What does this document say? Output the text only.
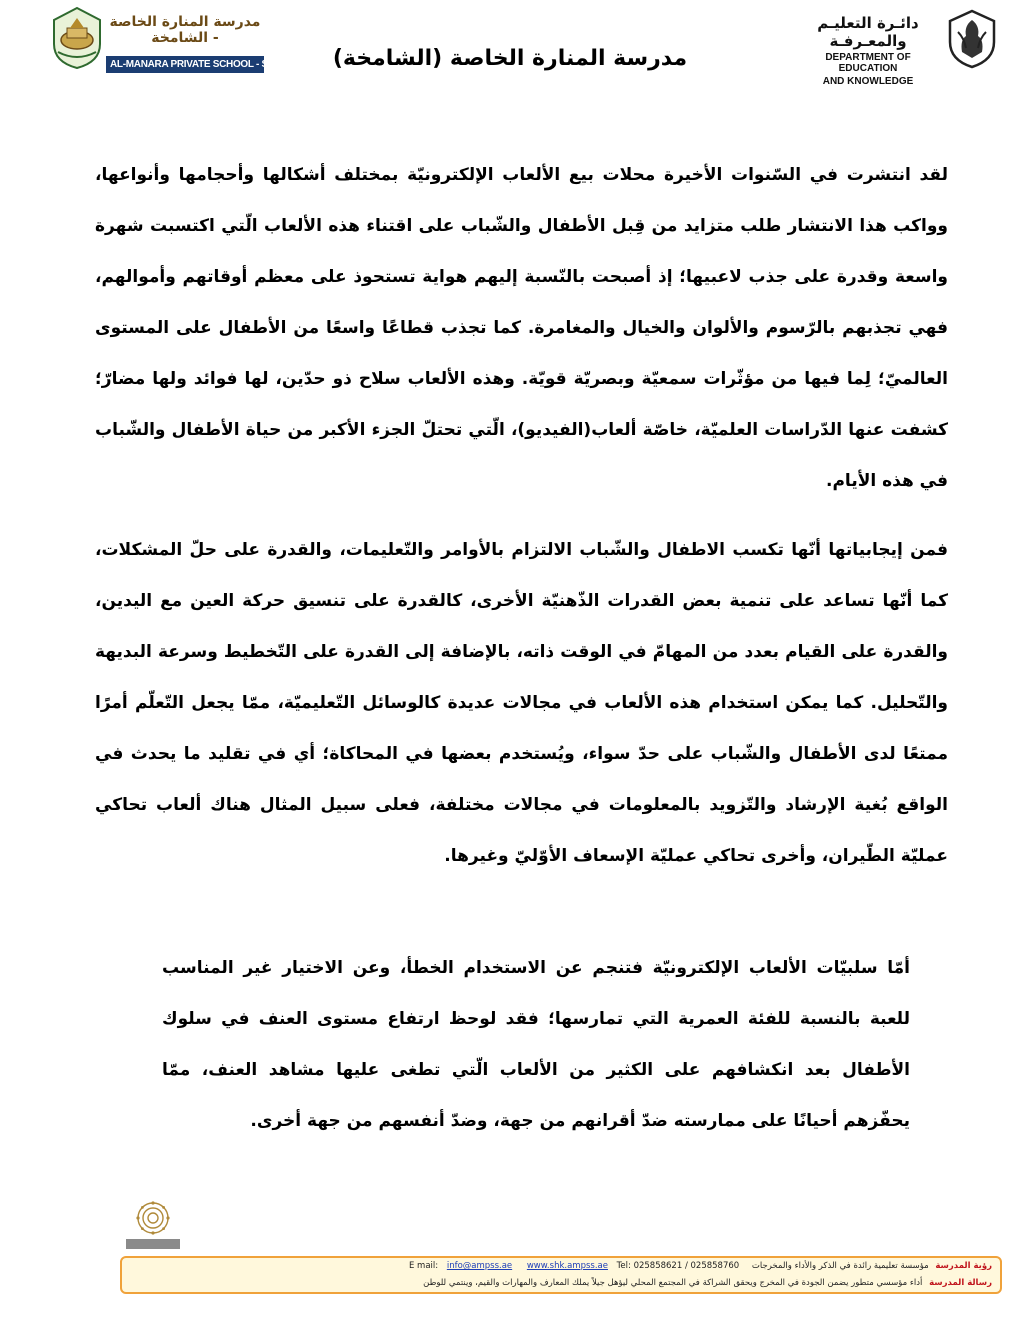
مدرسة المنارة الخاصة - الشامخة
AL-MANARA PRIVATE SCHOOL - SHAMKHA مدرسة المنارة الخاصة (الشامخة)
دائـرة التعليـم والمعـرفـة
DEPARTMENT OF EDUCATION
AND KNOWLEDGE
لقد انتشرت في السّنوات الأخيرة محلات بيع الألعاب الإلكترونيّة بمختلف أشكالها وأحجامها وأنواعها، وواكب هذا الانتشار طلب متزايد من قِبل الأطفال والشّباب على اقتناء هذه الألعاب الّتي اكتسبت شهرة واسعة وقدرة على جذب لاعبيها؛ إذ أصبحت بالنّسبة إليهم هواية تستحوذ على معظم أوقاتهم وأموالهم، فهي تجذبهم بالرّسوم والألوان والخيال والمغامرة. كما تجذب قطاعًا واسعًا من الأطفال على المستوى العالميّ؛ لِما فيها من مؤثّرات سمعيّة وبصريّة قويّة. وهذه الألعاب سلاح ذو حدّين، لها فوائد ولها مضارّ؛ كشفت عنها الدّراسات العلميّة، خاصّة ألعاب(الفيديو)، الّتي تحتلّ الجزء الأكبر من حياة الأطفال والشّباب في هذه الأيام.
فمن إيجابياتها أنّها تكسب الاطفال والشّباب الالتزام بالأوامر والتّعليمات، والقدرة على حلّ المشكلات، كما أنّها تساعد على تنمية بعض القدرات الذّهنيّة الأخرى، كالقدرة على تنسيق حركة العين مع اليدين، والقدرة على القيام بعدد من المهامّ في الوقت ذاته، بالإضافة إلى القدرة على التّخطيط وسرعة البديهة والتّحليل. كما يمكن استخدام هذه الألعاب في مجالات عديدة كالوسائل التّعليميّة، ممّا يجعل التّعلّم أمرًا ممتعًا لدى الأطفال والشّباب على حدّ سواء، ويُستخدم بعضها في المحاكاة؛ أي في تقليد ما يحدث في الواقع بُغية الإرشاد والتّزويد بالمعلومات في مجالات مختلفة، فعلى سبيل المثال هناك ألعاب تحاكي عمليّة الطّيران، وأخرى تحاكي عمليّة الإسعاف الأوّليّ وغيرها.
أمّا سلبيّات الألعاب الإلكترونيّة فتنجم عن الاستخدام الخطأ، وعن الاختيار غير المناسب للعبة بالنسبة للفئة العمرية التي تمارسها؛ فقد لوحظ ارتفاع مستوى العنف في سلوك الأطفال بعد انكشافهم على الكثير من الألعاب الّتي تطغى عليها مشاهد العنف، ممّا يحفّزهم أحيانًا على ممارسته ضدّ أقرانهم من جهة، وضدّ أنفسهم من جهة أخرى.
رؤية المدرسة مؤسسة تعليمية رائدة في الذكر والأداء والمخرجات E mail: info@ampss.ae www.shk.ampss.ae Tel: 025858621 / 025858760
رسالة المدرسة أداء مؤسسي متطور يضمن الجودة في المخرج ويحقق الشراكة في المجتمع المحلي ليؤهل جيلاً يملك المعارف والمهارات والقيم، وينتمي للوطن
